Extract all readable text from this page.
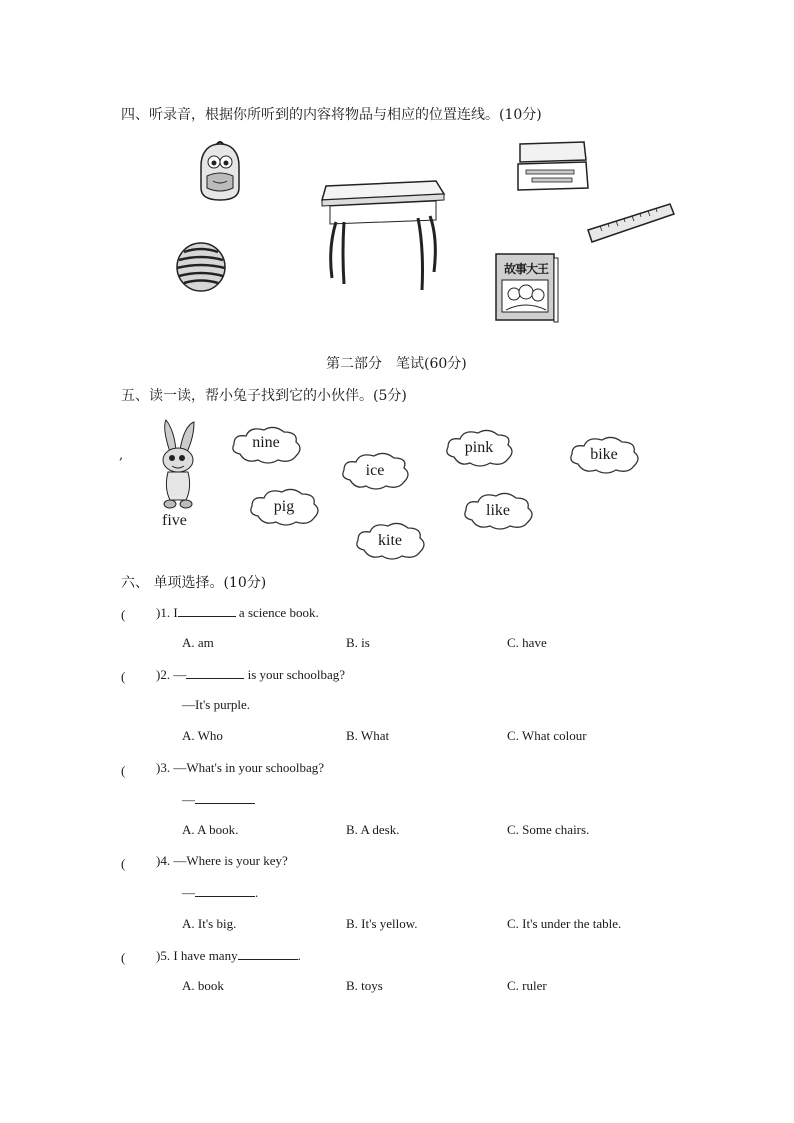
四、听录音，根据你所听到的内容将物品与相应的位置连线。(10分)
故事大王
第二部分　笔试(60分)
五、读一读，帮小兔子找到它的小伙伴。(5分)
,
five
nine
ice
pink	bike
pig	like
kite
六、 单项选择。(10分)
(	)1. I	a science book.
A. am	B. is	C. have
(	)2. —	is your schoolbag?
—It's purple.
A. Who	B. What	C. What colour
(	)3. —What's in your schoolbag?
—
A. A book.	B. A desk.	C. Some chairs.
(	)4. —Where is your key?
—	.
A. It's big.	B. It's yellow.	C. It's under the table.
(	)5. I have many	.
A. book	B. toys	C. ruler
